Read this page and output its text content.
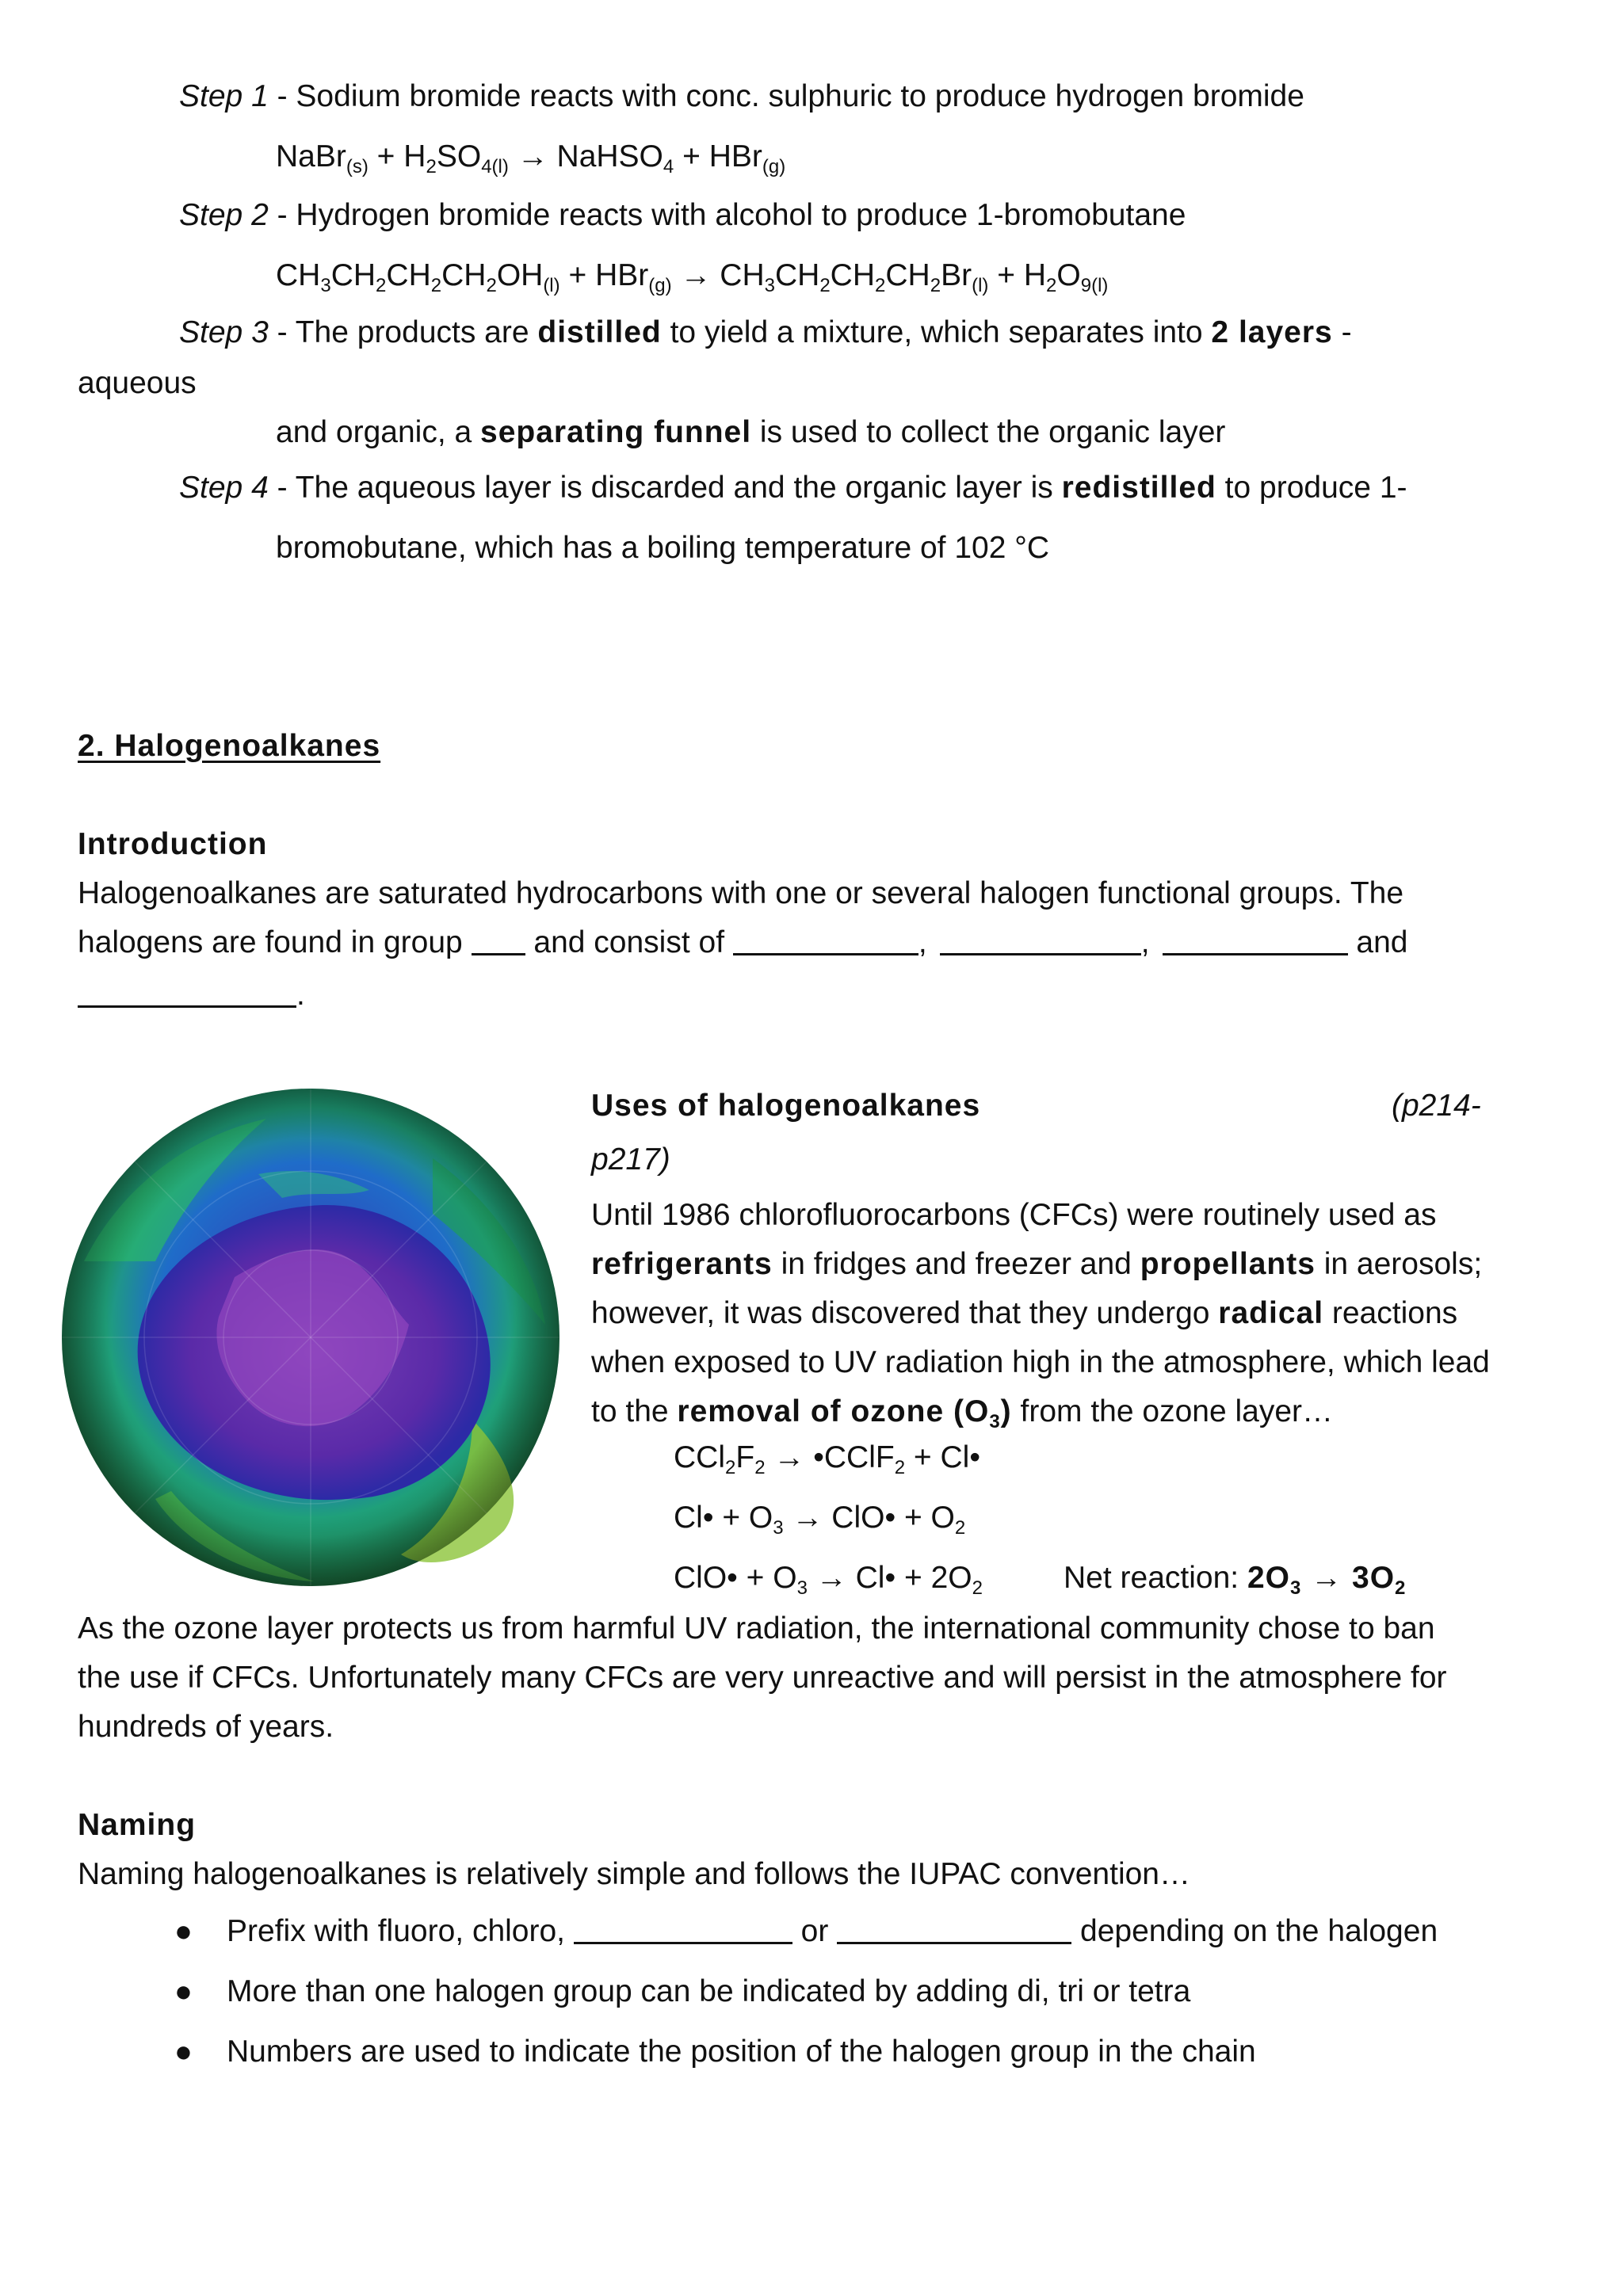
Step 1 - Sodium bromide reacts with conc. sulphuric to produce hydrogen bromide
NaBr$_{(s)}$ + $H_2SO_{4(l)}$ → NaHSO$_4$ + HBr$_{(g)}$
Step 2 - Hydrogen bromide reacts with alcohol to produce 1-bromobutane
$CH_3CH_2CH_2CH_2OH_{(l)} + HBr_{(g)} \to CH_3CH_2CH_2CH_2Br_{(l)} + H_2O_{9(l)}$
Step 3 - The products are distilled to yield a mixture, which separates into 2 layers -
aqueous
and organic, a separating funnel is used to collect the organic layer
Step 4 - The aqueous layer is discarded and the organic layer is redistilled to produce 1-
bromobutane, which has a boiling temperature of 102 °C
2. Halogenoalkanes
Introduction
Halogenoalkanes are saturated hydrocarbons with one or several halogen functional groups. The
halogens are found in group  and consist of	,	,	and
.
Uses of halogenoalkanes	(p214-
p217)
Until 1986 chlorofluorocarbons (CFCs) were routinely used as
refrigerants in fridges and freezer and propellants in aerosols;
however, it was discovered that they undergo radical reactions
when exposed to UV radiation high in the atmosphere, which lead
to the removal of ozone $(O_3)$ from the ozone layer…
$CCl_2F_2$ → •CClF$_2$ + Cl•
Cl• + $O_3$ → ClO• + $O_2$
ClO• + $O_3$ → Cl• + $2O_2$	Net reaction: $2O_3 \to 3O_2$
As the ozone layer protects us from harmful UV radiation, the international community chose to ban
the use if CFCs. Unfortunately many CFCs are very unreactive and will persist in the atmosphere for
hundreds of years.
Naming
Naming halogenoalkanes is relatively simple and follows the IUPAC convention…
● Prefix with fluoro, chloro,	or	depending on the halogen
● More than one halogen group can be indicated by adding di, tri or tetra
● Numbers are used to indicate the position of the halogen group in the chain
